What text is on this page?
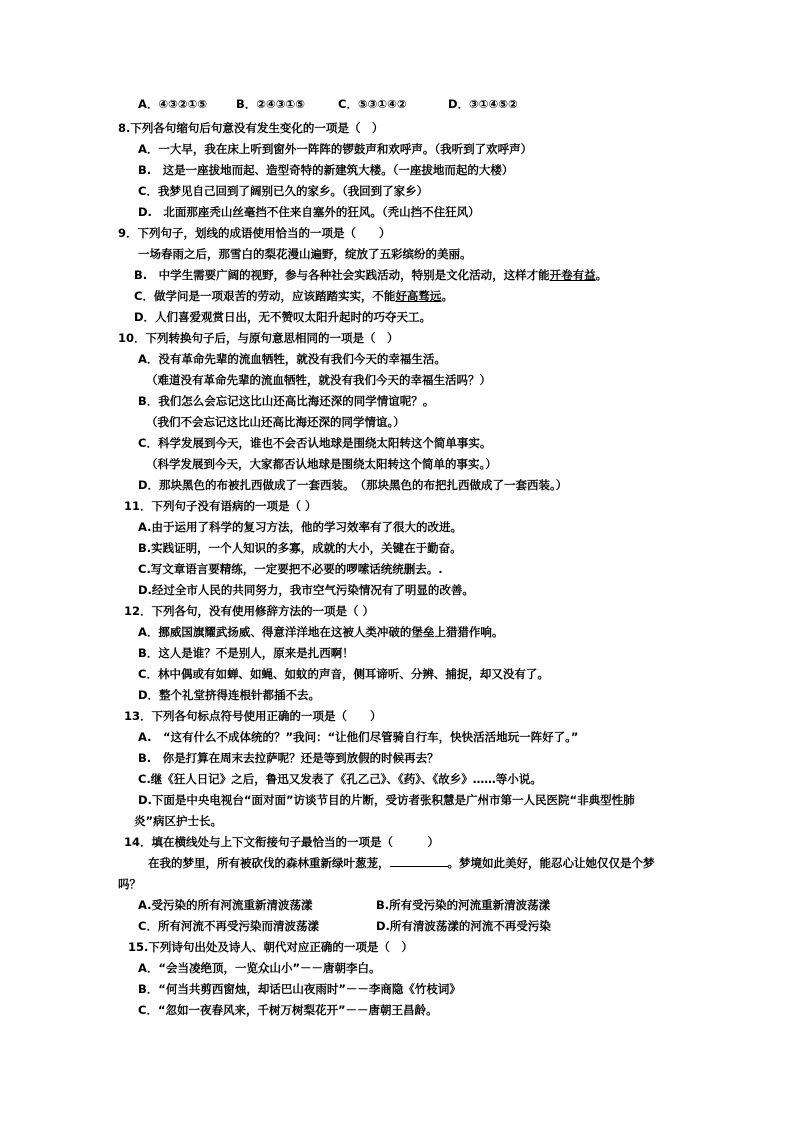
A．④③②①⑤	B．②④③①⑤	C．⑤③①④②	D．③①④⑤②
8.下列各句缩句后句意没有发生变化的一项是（　）
A．一大早，我在床上听到窗外一阵阵的锣鼓声和欢呼声。（我听到了欢呼声）
B.　这是一座拔地而起、造型奇特的新建筑大楼。（一座拔地而起的大楼）
C．我梦见自己回到了阔别已久的家乡。（我回到了家乡）
D.　北面那座秃山丝毫挡不住来自塞外的狂风。（秃山挡不住狂风）
9．下列句子，划线的成语使用恰当的一项是（　　）
一场春雨之后，那雪白的梨花漫山遍野，绽放了五彩缤纷的美丽。
B.　中学生需要广阔的视野，参与各种社会实践活动，特别是文化活动，这样才能开卷有益。
C．做学问是一项艰苦的劳动，应该踏踏实实，不能好高骛远。
D．人们喜爱观赏日出，无不赞叹太阳升起时的巧夺天工。
10．下列转换句子后，与原句意思相同的一项是（　）
A．没有革命先辈的流血牺牲，就没有我们今天的幸福生活。
（难道没有革命先辈的流血牺牲，就没有我们今天的幸福生活吗？）
B．我们怎么会忘记这比山还高比海还深的同学情谊呢？。
（我们不会忘记这比山还高比海还深的同学情谊。）
C．科学发展到今天，谁也不会否认地球是围绕太阳转这个简单事实。
（科学发展到今天，大家都否认地球是围绕太阳转这个简单的事实。）
D．那块黑色的布被扎西做成了一套西装。　（那块黑色的布把扎西做成了一套西装。）
11．下列句子没有语病的一项是（ ）
A.由于运用了科学的复习方法，他的学习效率有了很大的改进。
B.实践证明，一个人知识的多寡，成就的大小，关键在于勤奋。
C.写文章语言要精练，一定要把不必要的啰嗦话统统删去。.
D.经过全市人民的共同努力，我市空气污染情况有了明显的改善。
12．下列各句，没有使用修辞方法的一项是（ ）
A．挪威国旗耀武扬威、得意洋洋地在这被人类冲破的堡垒上猎猎作响。
B．这人是谁？不是别人，原来是扎西啊！
C．林中偶或有如蝉、如蝇、如蚊的声音，侧耳谛听、分辨、捕捉，却又没有了。
D．整个礼堂挤得连根针都插不去。
13．下列各句标点符号使用正确的一项是（　　）
A.　“这有什么不成体统的？”我问：“让他们尽管骑自行车，快快活活地玩一阵好了。”
B.　你是打算在周末去拉萨呢？还是等到放假的时候再去？
C.继《狂人日记》之后，鲁迅又发表了《孔乙己》、《药》、《故乡》……等小说。
D.下面是中央电视台“面对面”访谈节目的片断，受访者张积慧是广州市第一人民医院“非典型性肺
炎”病区护士长。
14．填在横线处与上下文衔接句子最恰当的一项是（　　　）
在我的梦里，所有被砍伐的森林重新绿叶葱茏，	。梦境如此美好，能忍心让她仅仅是个梦
吗？
A.受污染的所有河流重新清波荡漾	B.所有受污染的河流重新清波荡漾
C．所有河流不再受污染而清波荡漾	D.所有清波荡漾的河流不再受污染
15.下列诗句出处及诗人、朝代对应正确的一项是（　）
A．“会当凌绝顶，一览众山小”－－唐朝李白。
B．“何当共剪西窗烛，却话巴山夜雨时”－－李商隐《竹枝词》
C．“忽如一夜春风来，千树万树梨花开”－－唐朝王昌龄。
